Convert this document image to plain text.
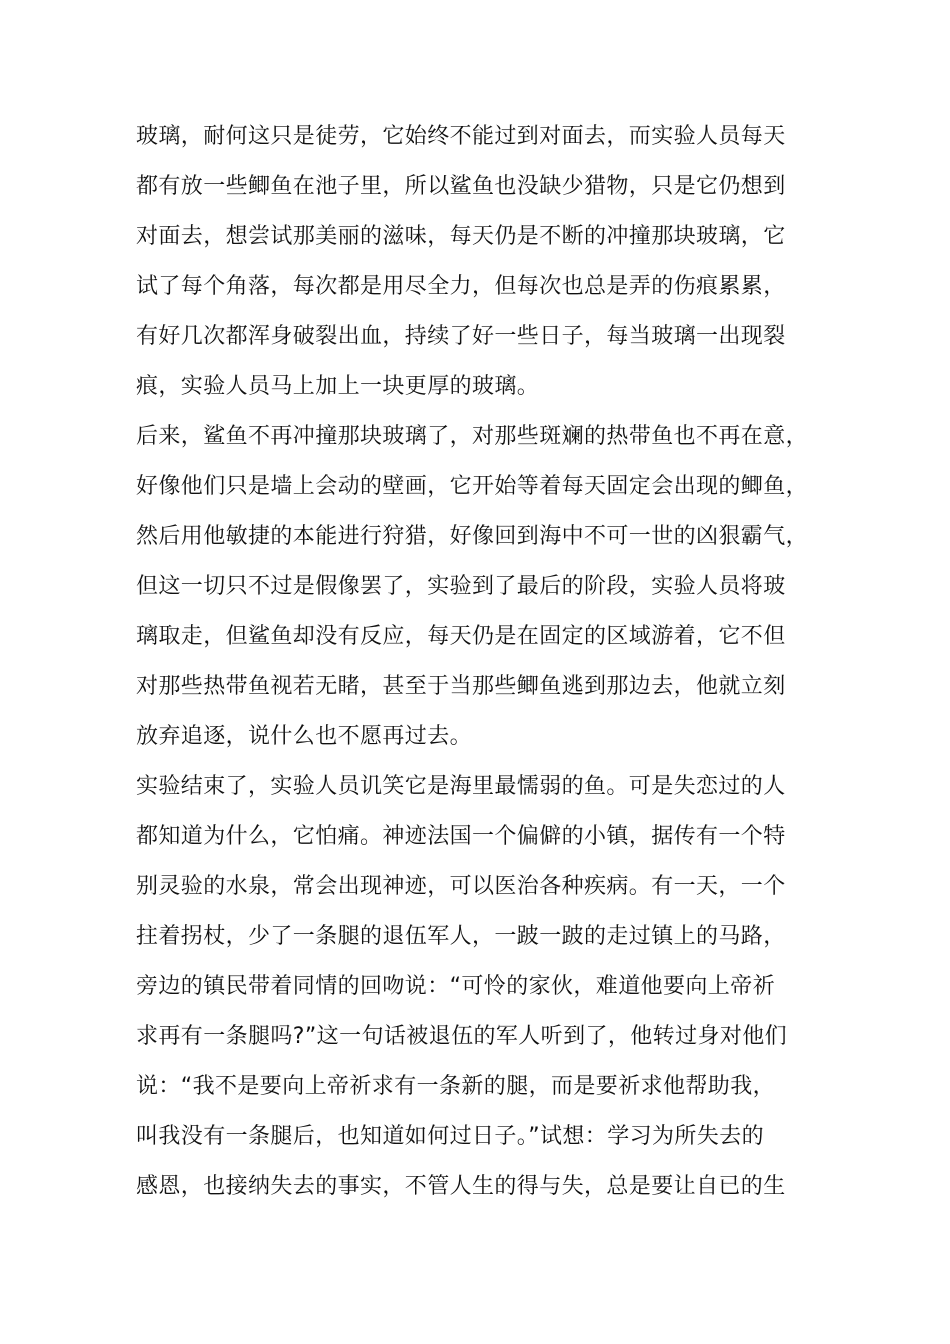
玻璃，耐何这只是徒劳，它始终不能过到对面去，而实验人员每天
都有放一些鲫鱼在池子里，所以鲨鱼也没缺少猎物，只是它仍想到
对面去，想尝试那美丽的滋味，每天仍是不断的冲撞那块玻璃，它
试了每个角落，每次都是用尽全力，但每次也总是弄的伤痕累累，
有好几次都浑身破裂出血，持续了好一些日子，每当玻璃一出现裂
痕，实验人员马上加上一块更厚的玻璃。
后来，鲨鱼不再冲撞那块玻璃了，对那些斑斓的热带鱼也不再在意，
好像他们只是墙上会动的壁画，它开始等着每天固定会出现的鲫鱼，
然后用他敏捷的本能进行狩猎，好像回到海中不可一世的凶狠霸气，
但这一切只不过是假像罢了，实验到了最后的阶段，实验人员将玻
璃取走，但鲨鱼却没有反应，每天仍是在固定的区域游着，它不但
对那些热带鱼视若无睹，甚至于当那些鲫鱼逃到那边去，他就立刻
放弃追逐，说什么也不愿再过去。
实验结束了，实验人员讥笑它是海里最懦弱的鱼。可是失恋过的人
都知道为什么，它怕痛。神迹法国一个偏僻的小镇，据传有一个特
别灵验的水泉，常会出现神迹，可以医治各种疾病。有一天，一个
拄着拐杖，少了一条腿的退伍军人，一跛一跛的走过镇上的马路，
旁边的镇民带着同情的回吻说：“可怜的家伙，难道他要向上帝祈
求再有一条腿吗?”这一句话被退伍的军人听到了，他转过身对他们
说：“我不是要向上帝祈求有一条新的腿，而是要祈求他帮助我，
叫我没有一条腿后，也知道如何过日子。”试想：学习为所失去的
感恩，也接纳失去的事实，不管人生的得与失，总是要让自已的生
